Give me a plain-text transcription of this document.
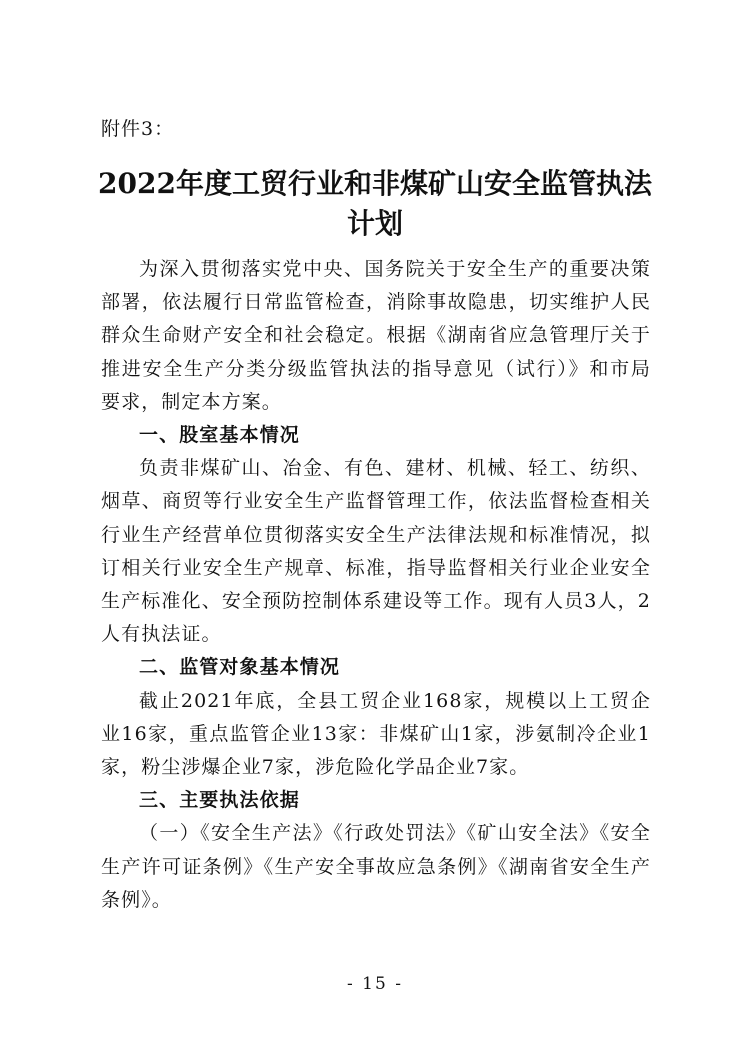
附件3：
2022年度工贸行业和非煤矿山安全监管执法计划

为深入贯彻落实党中央、国务院关于安全生产的重要决策部署，依法履行日常监管检查，消除事故隐患，切实维护人民群众生命财产安全和社会稳定。根据《湖南省应急管理厅关于推进安全生产分类分级监管执法的指导意见（试行）》和市局要求，制定本方案。

一、股室基本情况

负责非煤矿山、冶金、有色、建材、机械、轻工、纺织、烟草、商贸等行业安全生产监督管理工作，依法监督检查相关行业生产经营单位贯彻落实安全生产法律法规和标准情况，拟订相关行业安全生产规章、标准，指导监督相关行业企业安全生产标准化、安全预防控制体系建设等工作。现有人员3人，2人有执法证。

二、监管对象基本情况

截止2021年底，全县工贸企业168家，规模以上工贸企业16家，重点监管企业13家：非煤矿山1家，涉氨制冷企业1家，粉尘涉爆企业7家，涉危险化学品企业7家。

三、主要执法依据

（一）《安全生产法》《行政处罚法》《矿山安全法》《安全生产许可证条例》《生产安全事故应急条例》《湖南省安全生产条例》。

- 15 -
